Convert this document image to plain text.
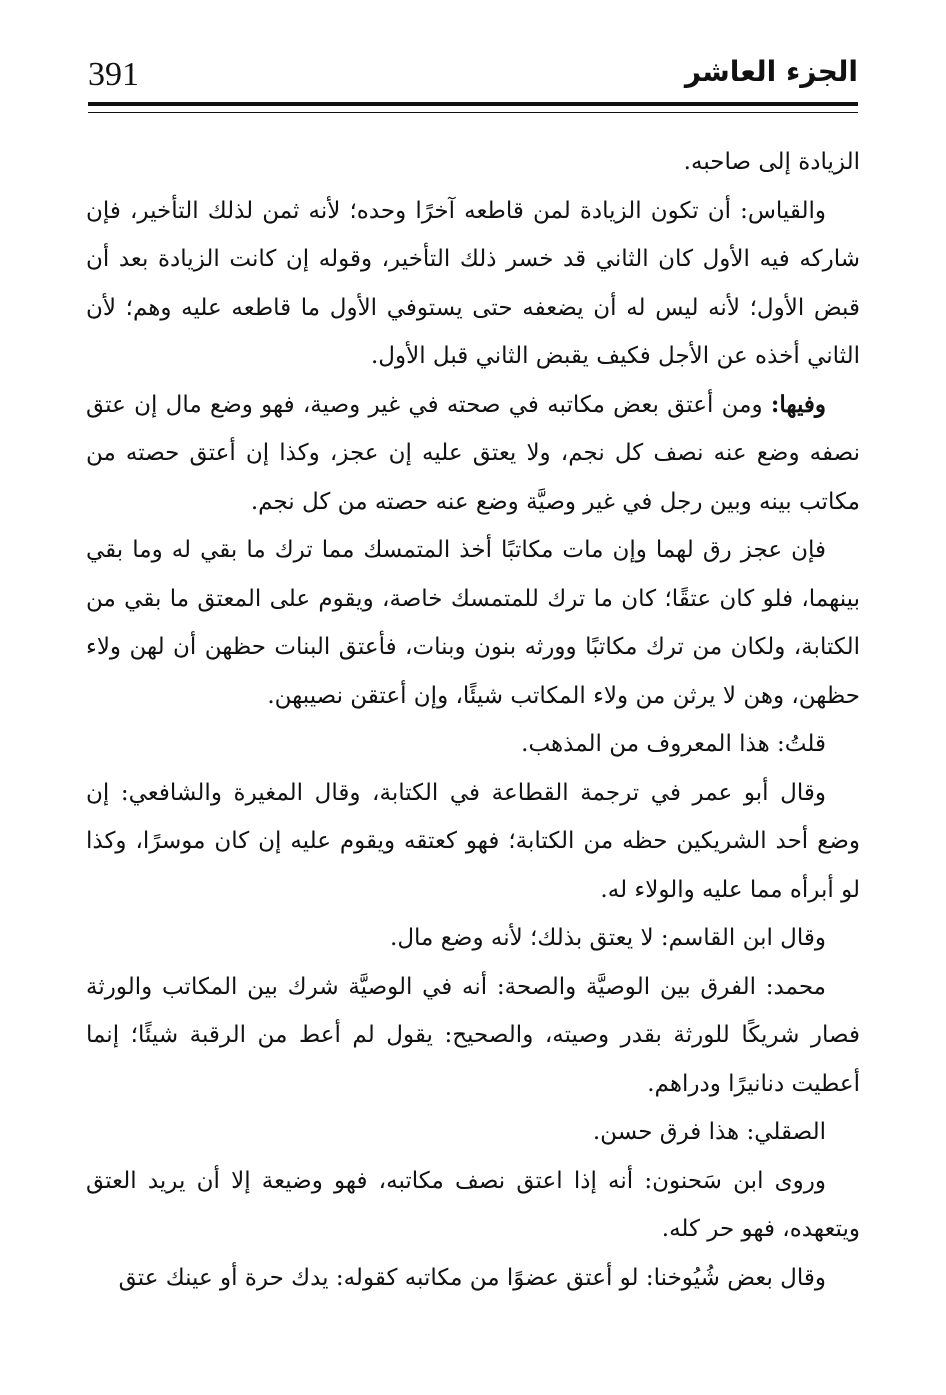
391	الجزء العاشر

الزيادة إلى صاحبه.

والقياس: أن تكون الزيادة لمن قاطعه آخرًا وحده؛ لأنه ثمن لذلك التأخير، فإن شاركه فيه الأول كان الثاني قد خسر ذلك التأخير، وقوله إن كانت الزيادة بعد أن قبض الأول؛ لأنه ليس له أن يضعفه حتى يستوفي الأول ما قاطعه عليه وهم؛ لأن الثاني أخذه عن الأجل فكيف يقبض الثاني قبل الأول.

وفيها: ومن أعتق بعض مكاتبه في صحته في غير وصية، فهو وضع مال إن عتق نصفه وضع عنه نصف كل نجم، ولا يعتق عليه إن عجز، وكذا إن أعتق حصته من مكاتب بينه وبين رجل في غير وصيَّة وضع عنه حصته من كل نجم.

فإن عجز رق لهما وإن مات مكاتبًا أخذ المتمسك مما ترك ما بقي له وما بقي بينهما، فلو كان عتقًا؛ كان ما ترك للمتمسك خاصة، ويقوم على المعتق ما بقي من الكتابة، ولكان من ترك مكاتبًا وورثه بنون وبنات، فأعتق البنات حظهن أن لهن ولاء حظهن، وهن لا يرثن من ولاء المكاتب شيئًا، وإن أعتقن نصيبهن.

قلتُ: هذا المعروف من المذهب.

وقال أبو عمر في ترجمة القطاعة في الكتابة، وقال المغيرة والشافعي: إن وضع أحد الشريكين حظه من الكتابة؛ فهو كعتقه ويقوم عليه إن كان موسرًا، وكذا لو أبرأه مما عليه والولاء له.

وقال ابن القاسم: لا يعتق بذلك؛ لأنه وضع مال.

محمد: الفرق بين الوصيَّة والصحة: أنه في الوصيَّة شرك بين المكاتب والورثة فصار شريكًا للورثة بقدر وصيته، والصحيح: يقول لم أعط من الرقبة شيئًا؛ إنما أعطيت دنانيرًا ودراهم.

الصقلي: هذا فرق حسن.

وروى ابن سَحنون: أنه إذا اعتق نصف مكاتبه، فهو وضيعة إلا أن يريد العتق ويتعهده، فهو حر كله.

وقال بعض شُيُوخنا: لو أعتق عضوًا من مكاتبه كقوله: يدك حرة أو عينك عتق
